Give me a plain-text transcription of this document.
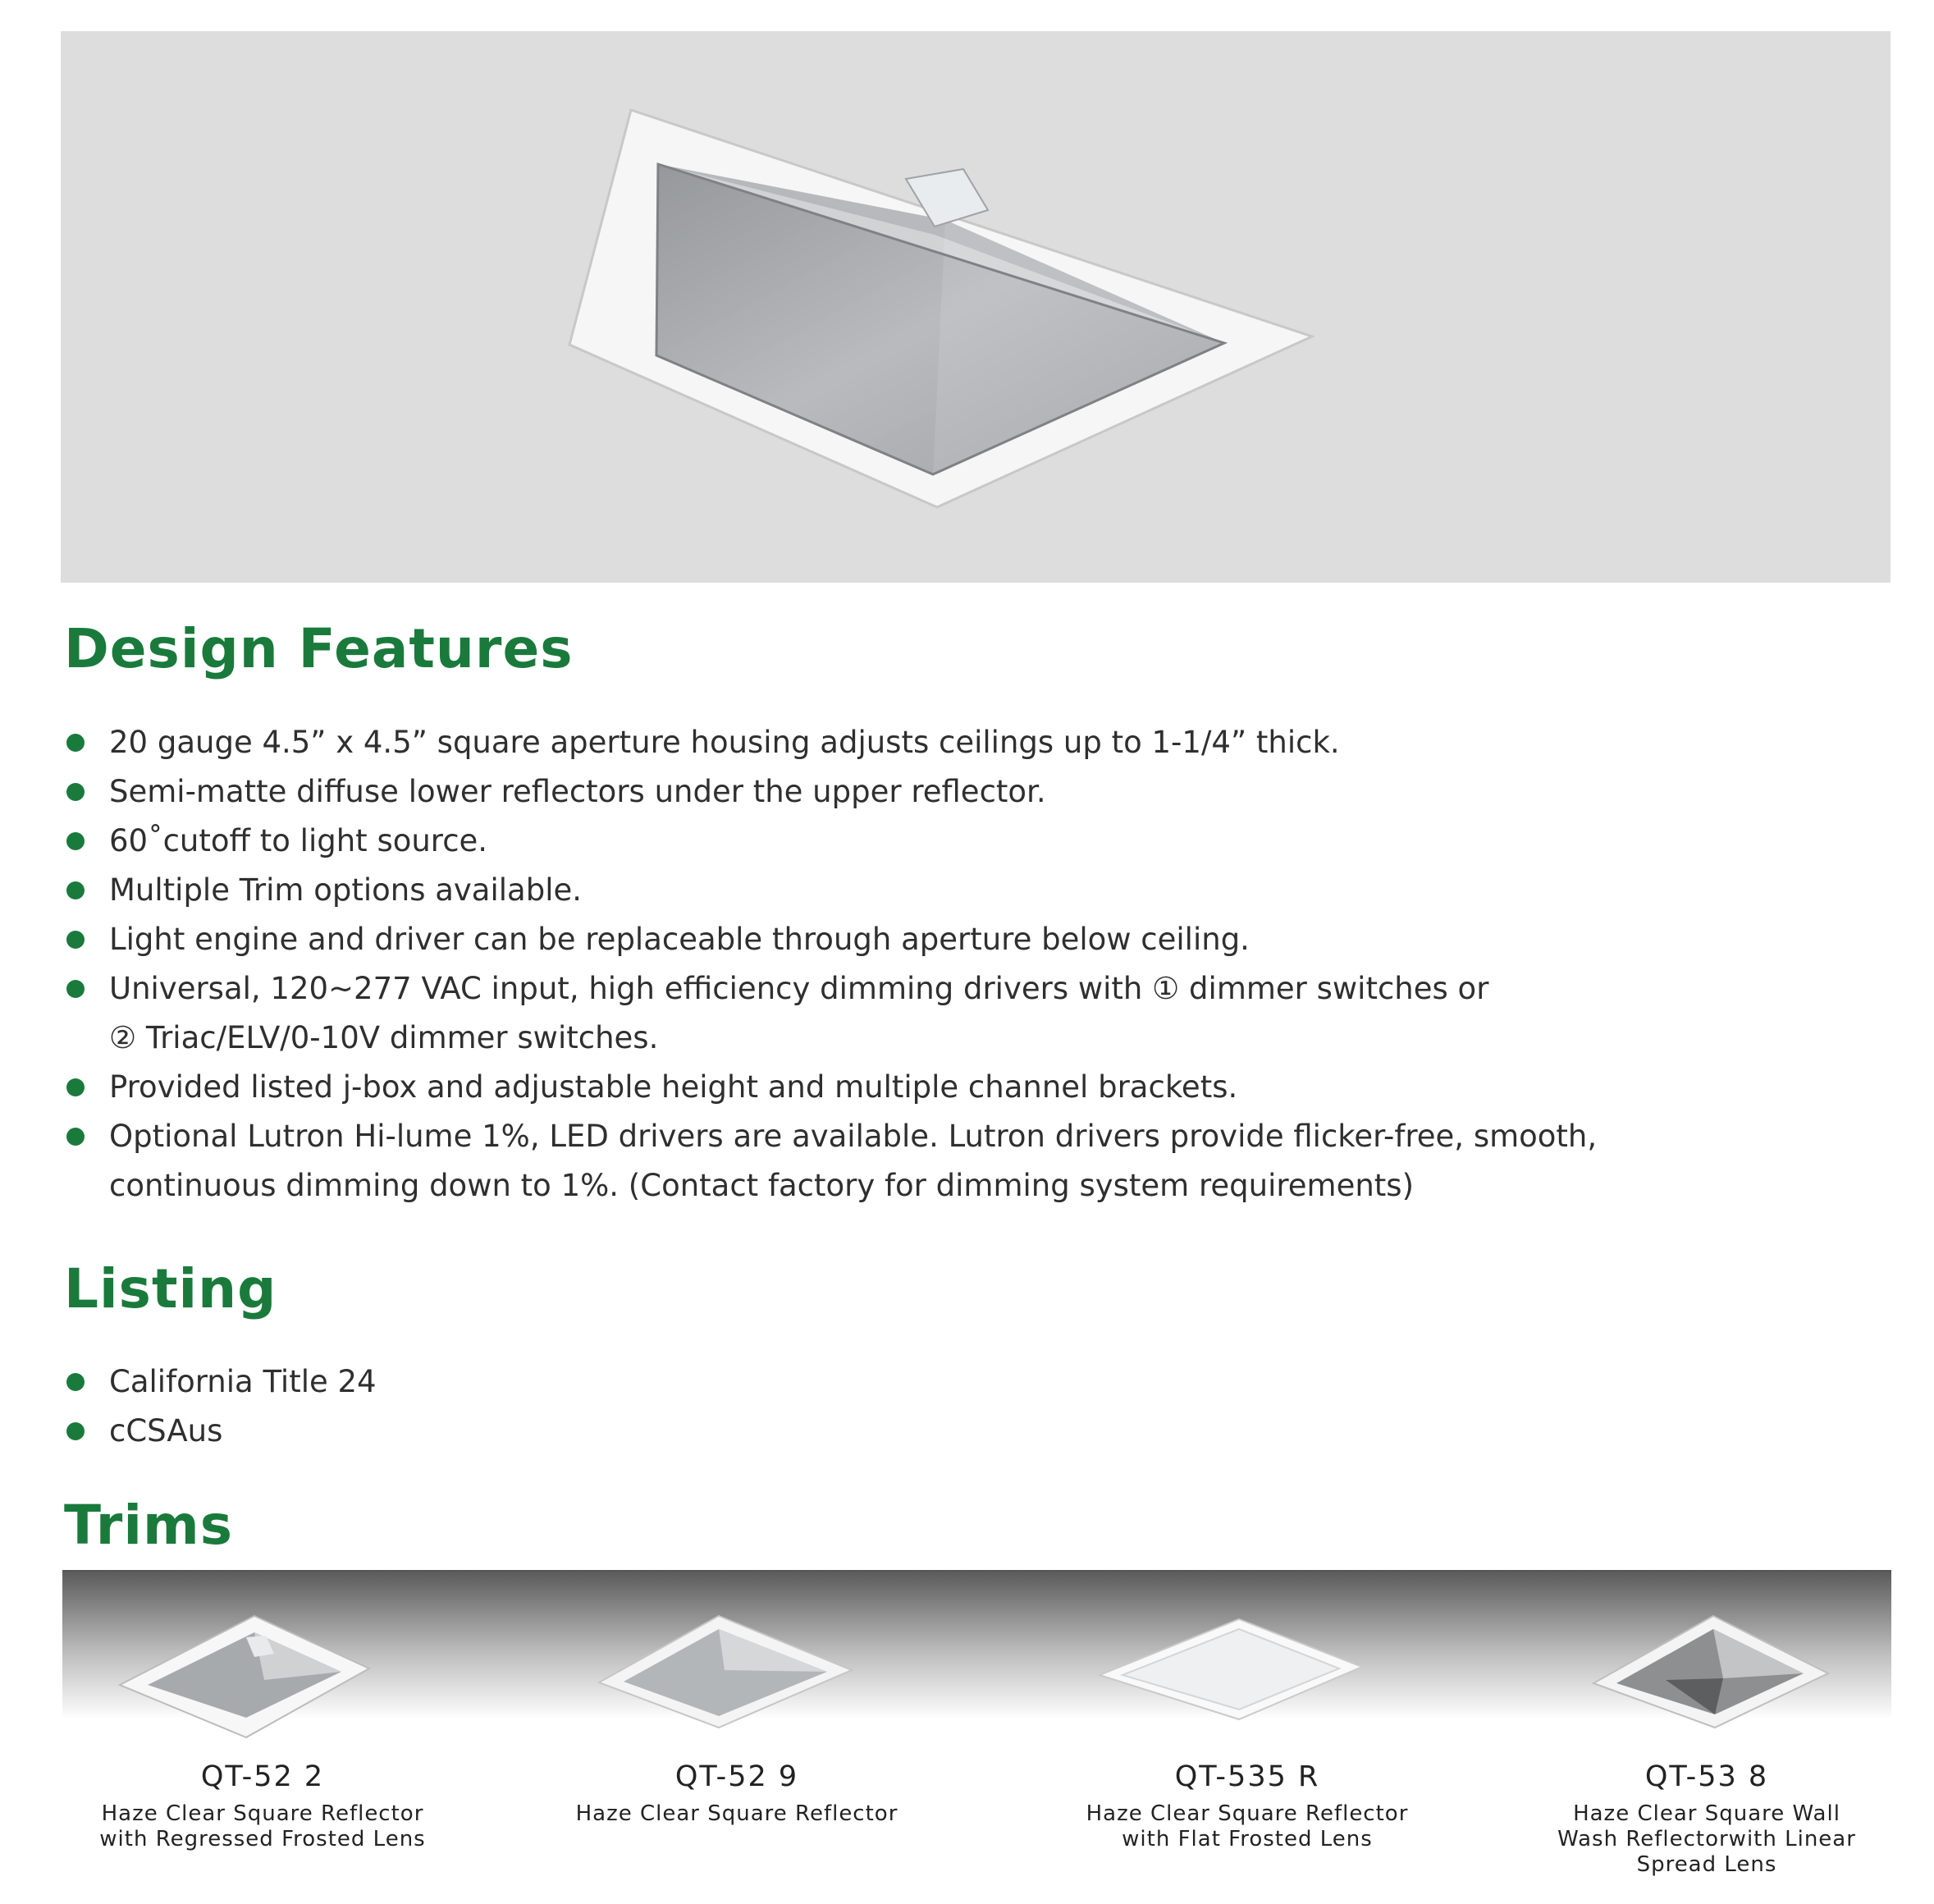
Design Features
20 gauge 4.5” x 4.5” square aperture housing adjusts ceilings up to 1-1/4” thick.
Semi-matte diffuse lower reflectors under the upper reflector.
60˚cutoff to light source.
Multiple Trim options available.
Light engine and driver can be replaceable through aperture below ceiling.
Universal, 120~277 VAC input, high efficiency dimming drivers with ① dimmer switches or
② Triac/ELV/0-10V dimmer switches.
Provided listed j-box and adjustable height and multiple channel brackets.
Optional Lutron Hi-lume 1%, LED drivers are available. Lutron drivers provide flicker-free, smooth,
continuous dimming down to 1%. (Contact factory for dimming system requirements)
Listing
California Title 24
cCSAus
Trims
QT-52 2
Haze Clear Square Reflector
with Regressed Frosted Lens
QT-52 9
Haze Clear Square Reflector
QT-535 R
Haze Clear Square Reflector
with Flat Frosted Lens
QT-53 8
Haze Clear Square Wall
Wash Reflectorwith Linear
Spread Lens
